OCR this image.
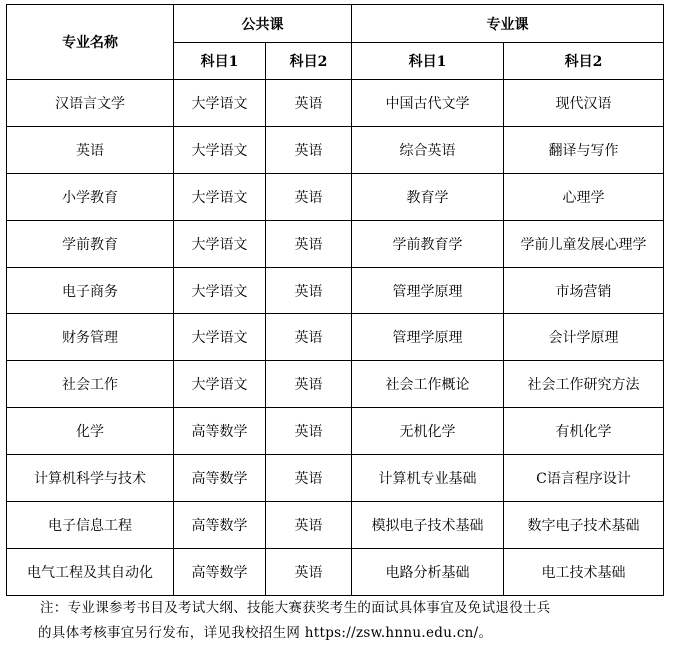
专业名称	公共课		专业课	
	科目1	科目2	科目1	科目2
汉语言文学	大学语文	英语	中国古代文学	现代汉语
英语	大学语文	英语	综合英语	翻译与写作
小学教育	大学语文	英语	教育学	心理学
学前教育	大学语文	英语	学前教育学	学前儿童发展心理学
电子商务	大学语文	英语	管理学原理	市场营销
财务管理	大学语文	英语	管理学原理	会计学原理
社会工作	大学语文	英语	社会工作概论	社会工作研究方法
化学	高等数学	英语	无机化学	有机化学
计算机科学与技术	高等数学	英语	计算机专业基础	C语言程序设计
电子信息工程	高等数学	英语	模拟电子技术基础	数字电子技术基础
电气工程及其自动化	高等数学	英语	电路分析基础	电工技术基础
注：专业课参考书目及考试大纲、技能大赛获奖考生的面试具体事宜及免试退役士兵
的具体考核事宜另行发布，详见我校招生网 https://zsw.hnnu.edu.cn/。
